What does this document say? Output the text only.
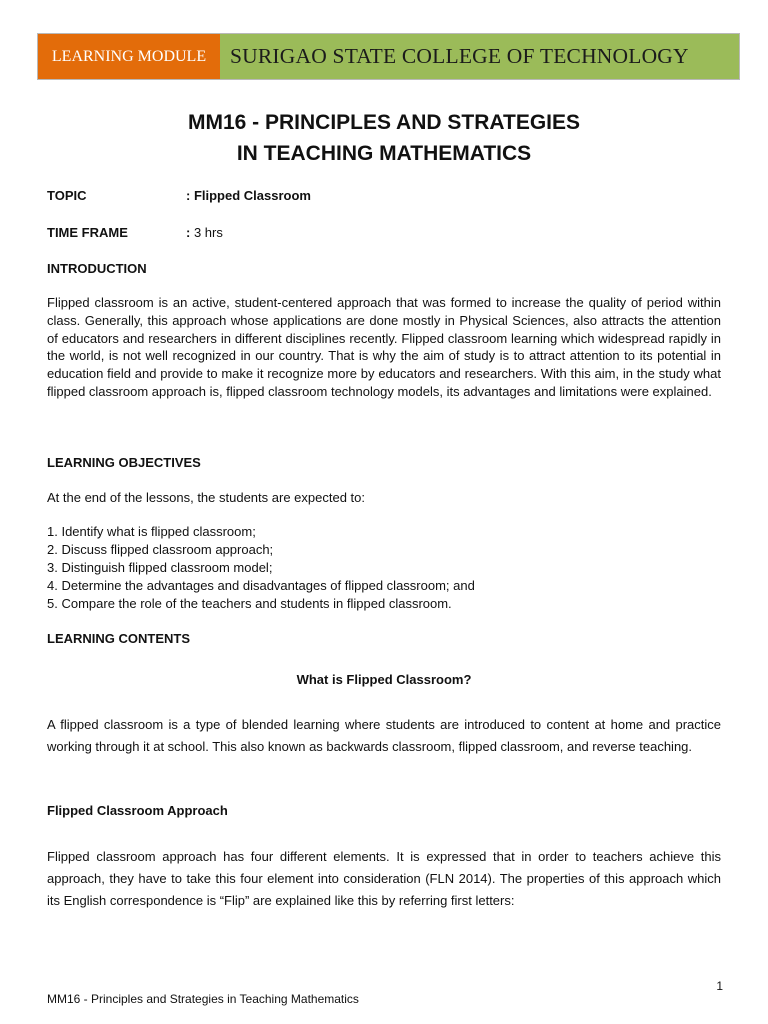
LEARNING MODULE	SURIGAO STATE COLLEGE OF TECHNOLOGY
MM16 - PRINCIPLES AND STRATEGIES
IN TEACHING MATHEMATICS
TOPIC	: Flipped Classroom
TIME FRAME	: 3 hrs
INTRODUCTION
Flipped classroom is an active, student-centered approach that was formed to increase the quality of period within class. Generally, this approach whose applications are done mostly in Physical Sciences, also attracts the attention of educators and researchers in different disciplines recently. Flipped classroom learning which widespread rapidly in the world, is not well recognized in our country. That is why the aim of study is to attract attention to its potential in education field and provide to make it recognize more by educators and researchers. With this aim, in the study what flipped classroom approach is, flipped classroom technology models, its advantages and limitations were explained.
LEARNING OBJECTIVES
At the end of the lessons, the students are expected to:
1. Identify what is flipped classroom;
2. Discuss flipped classroom approach;
3. Distinguish flipped classroom model;
4. Determine the advantages and disadvantages of flipped classroom; and
5. Compare the role of the teachers and students in flipped classroom.
LEARNING CONTENTS
What is Flipped Classroom?
A flipped classroom is a type of blended learning where students are introduced to content at home and practice working through it at school. This also known as backwards classroom, flipped classroom, and reverse teaching.
Flipped Classroom Approach
Flipped classroom approach has four different elements. It is expressed that in order to teachers achieve this approach, they have to take this four element into consideration (FLN 2014). The properties of this approach which its English correspondence is “Flip” are explained like this by referring first letters:
1
MM16 - Principles and Strategies in Teaching Mathematics
